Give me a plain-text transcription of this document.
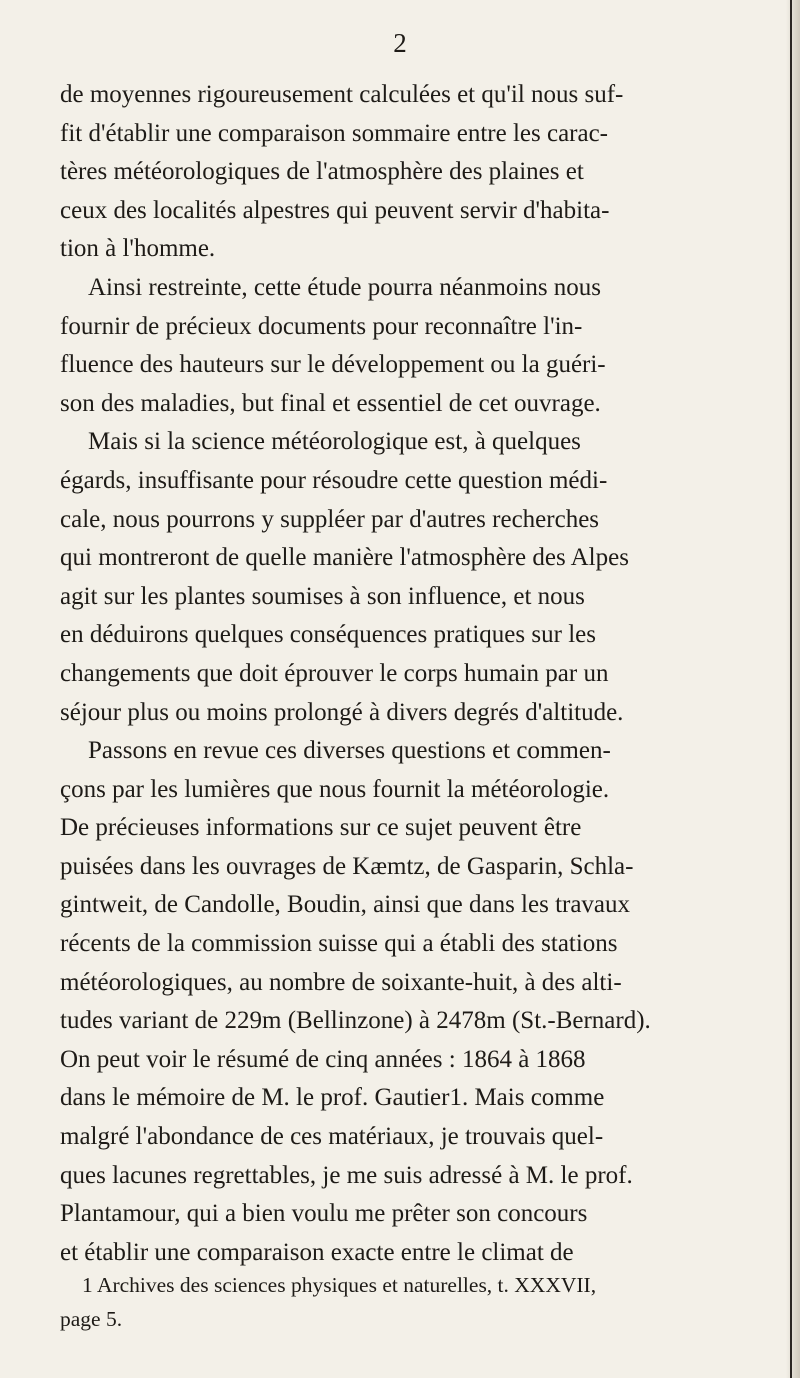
2
de moyennes rigoureusement calculées et qu'il nous suf-
fit d'établir une comparaison sommaire entre les carac-
tères météorologiques de l'atmosphère des plaines et
ceux des localités alpestres qui peuvent servir d'habita-
tion à l'homme.
Ainsi restreinte, cette étude pourra néanmoins nous
fournir de précieux documents pour reconnaître l'in-
fluence des hauteurs sur le développement ou la guéri-
son des maladies, but final et essentiel de cet ouvrage.
Mais si la science météorologique est, à quelques
égards, insuffisante pour résoudre cette question médi-
cale, nous pourrons y suppléer par d'autres recherches
qui montreront de quelle manière l'atmosphère des Alpes
agit sur les plantes soumises à son influence, et nous
en déduirons quelques conséquences pratiques sur les
changements que doit éprouver le corps humain par un
séjour plus ou moins prolongé à divers degrés d'altitude.
Passons en revue ces diverses questions et commen-
çons par les lumières que nous fournit la météorologie.
De précieuses informations sur ce sujet peuvent être
puisées dans les ouvrages de Kæmtz, de Gasparin, Schla-
gintweit, de Candolle, Boudin, ainsi que dans les travaux
récents de la commission suisse qui a établi des stations
météorologiques, au nombre de soixante-huit, à des alti-
tudes variant de 229m (Bellinzone) à 2478m (St.-Bernard).
On peut voir le résumé de cinq années : 1864 à 1868
dans le mémoire de M. le prof. Gautier1. Mais comme
malgré l'abondance de ces matériaux, je trouvais quel-
ques lacunes regrettables, je me suis adressé à M. le prof.
Plantamour, qui a bien voulu me prêter son concours
et établir une comparaison exacte entre le climat de
1 Archives des sciences physiques et naturelles, t. XXXVII,
page 5.
